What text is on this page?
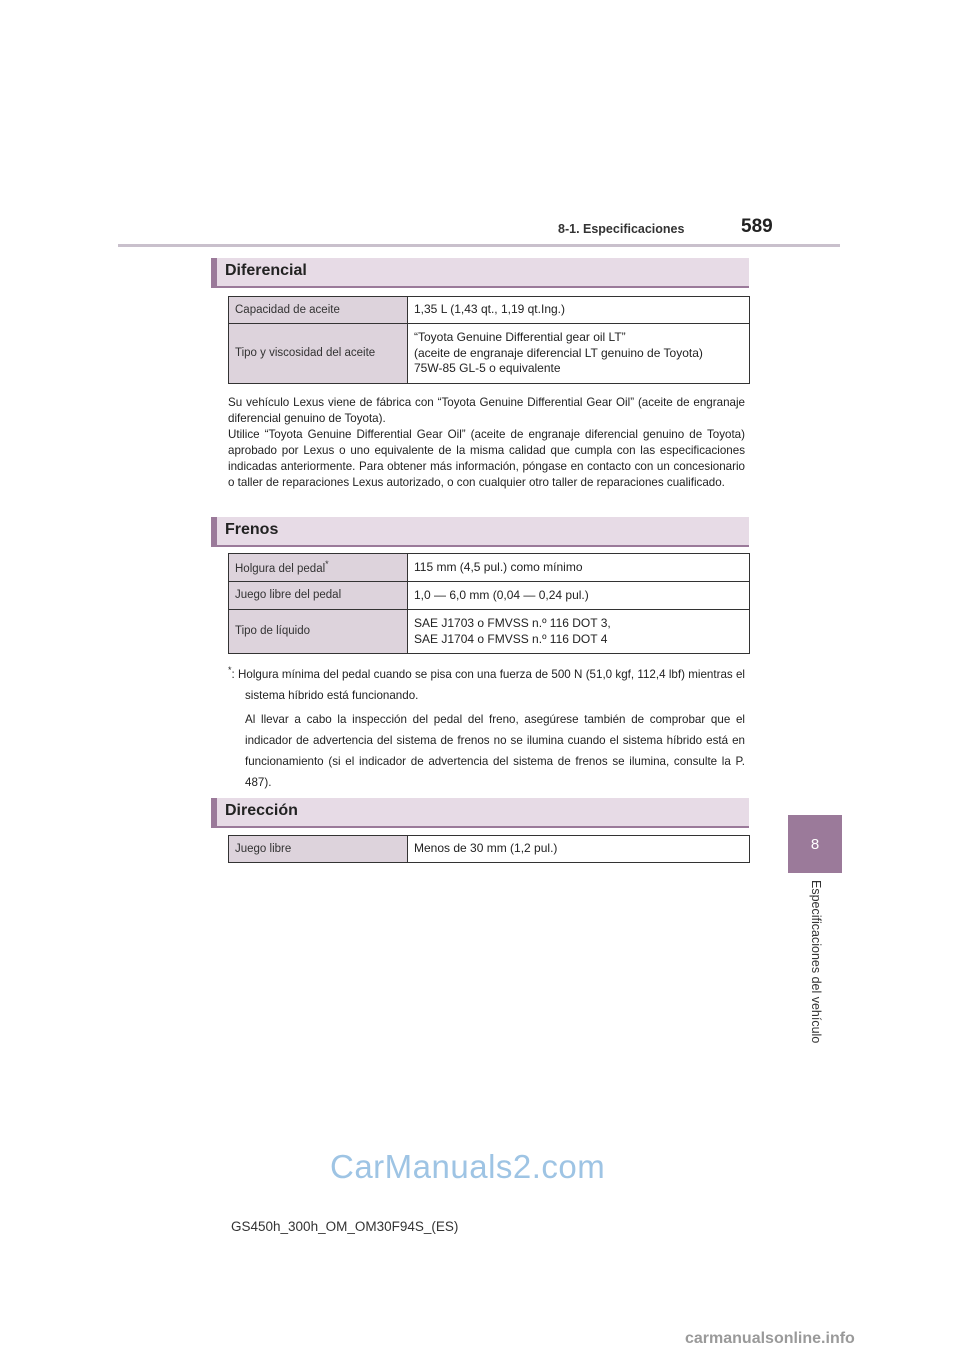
8-1. Especificaciones	589
8
Especificaciones del vehículo
Diferencial
Capacidad de aceite	1,35 L (1,43 qt., 1,19 qt.Ing.)
Tipo y viscosidad del aceite	“Toyota Genuine Differential gear oil LT”
(aceite de engranaje diferencial LT genuino de Toyota)
75W-85 GL-5 o equivalente

Su vehículo Lexus viene de fábrica con “Toyota Genuine Differential Gear Oil” (aceite de engranaje diferencial genuino de Toyota).

Utilice “Toyota Genuine Differential Gear Oil” (aceite de engranaje diferencial genuino de Toyota) aprobado por Lexus o uno equivalente de la misma calidad que cumpla con las especificaciones indicadas anteriormente. Para obtener más información, póngase en contacto con un concesionario o taller de reparaciones Lexus autorizado, o con cualquier otro taller de reparaciones cualificado.

Frenos
Holgura del pedal*	115 mm (4,5 pul.) como mínimo
Juego libre del pedal	1,0 — 6,0 mm (0,04 — 0,24 pul.)
Tipo de líquido	SAE J1703 o FMVSS n.º 116 DOT 3,
SAE J1704 o FMVSS n.º 116 DOT 4

*: Holgura mínima del pedal cuando se pisa con una fuerza de 500 N (51,0 kgf, 112,4 lbf) mientras el sistema híbrido está funcionando.

Al llevar a cabo la inspección del pedal del freno, asegúrese también de comprobar que el indicador de advertencia del sistema de frenos no se ilumina cuando el sistema híbrido está en funcionamiento (si el indicador de advertencia del sistema de frenos se ilumina, consulte la P. 487).

Dirección
Juego libre	Menos de 30 mm (1,2 pul.)
GS450h_300h_OM_OM30F94S_(ES)
CarManuals2.com
carmanualsonline.info
